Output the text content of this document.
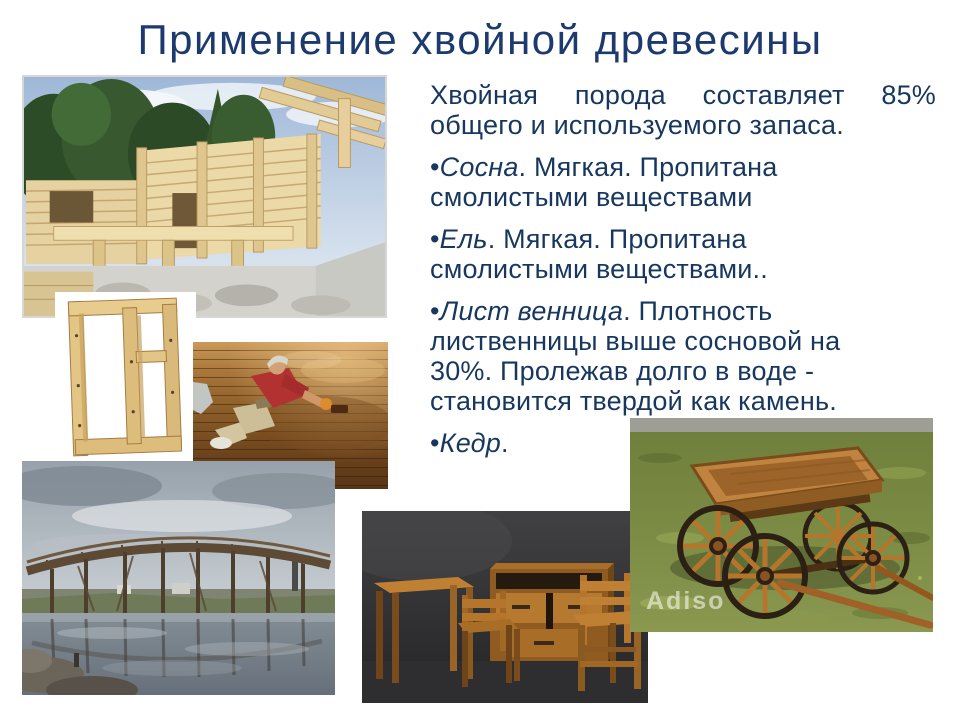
Применение хвойной древесины
Adiso
Хвойная порода составляет 85%
общего и используемого запаса.
•Сосна. Мягкая. Пропитана
смолистыми веществами
•Ель. Мягкая. Пропитана
смолистыми веществами..
•Лист венница. Плотность
лиственницы выше сосновой на
30%. Пролежав долго в воде -
становится твердой как камень.
•Кедр.
